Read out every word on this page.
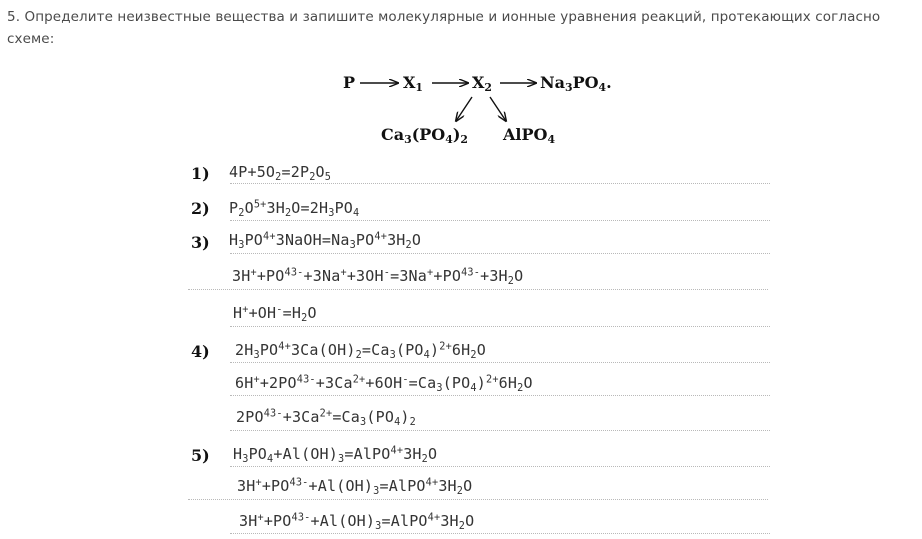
5. Определите неизвестные вещества и запишите молекулярные и ионные уравнения реакций, протекающих согласно схеме:
P	$X_1$	$X_2$	$Na_3PO_4$.
$Ca_3(PO_4)_2$ AlPO$_4$
1) $4P+5O_2=2P_2O_5$
2) $P_2O^{5+}3H_2O=2H_3PO_4$
3) $H_3PO^{4+}3NaOH=Na_3PO^{4+}3H_2O$
$3H^++PO^{43-}+3Na^++3OH^-=3Na^++PO^{43-}+3H_2O$
$H^++OH^-=H_2O$
4) $2H_3PO^{4+}3Ca(OH)_2=Ca_3(PO_4)^{2+}6H_2O$
$6H^++2PO^{43-}+3Ca^{2+}+6OH^-=Ca_3(PO_4)^{2+}6H_2O$
$2PO^{43-}+3Ca^{2+}=Ca_3(PO_4)_2$
5) $H_3PO_4+Al(OH)_3=AlPO^{4+}3H_2O$
$3H^++PO^{43-}+Al(OH)_3=AlPO^{4+}3H_2O$
$3H^++PO^{43-}+Al(OH)_3=AlPO^{4+}3H_2O$
